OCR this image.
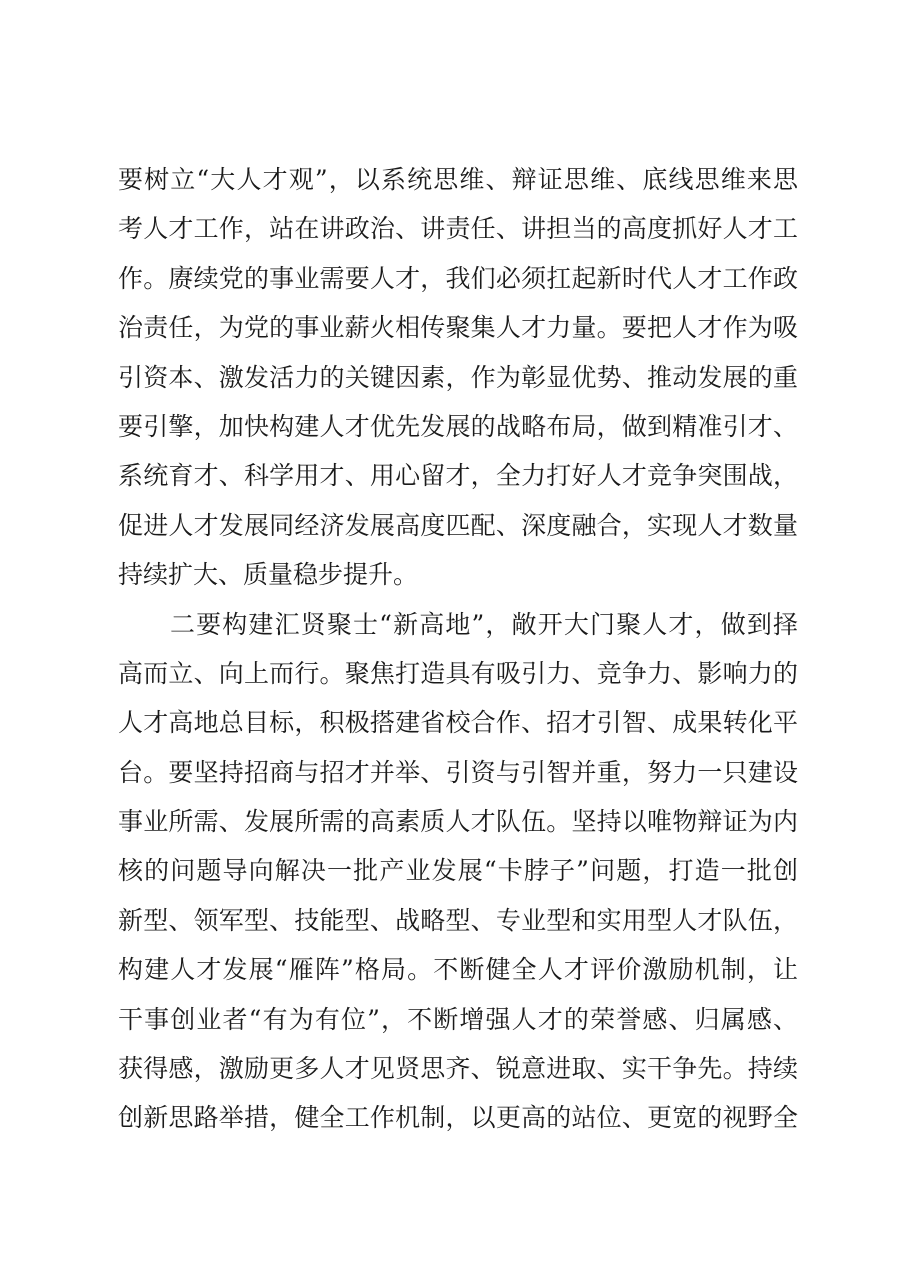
要树立“大人才观”，以系统思维、辩证思维、底线思维来思
考人才工作，站在讲政治、讲责任、讲担当的高度抓好人才工
作。赓续党的事业需要人才，我们必须扛起新时代人才工作政
治责任，为党的事业薪火相传聚集人才力量。要把人才作为吸
引资本、激发活力的关键因素，作为彰显优势、推动发展的重
要引擎，加快构建人才优先发展的战略布局，做到精准引才、
系统育才、科学用才、用心留才，全力打好人才竞争突围战，
促进人才发展同经济发展高度匹配、深度融合，实现人才数量
持续扩大、质量稳步提升。
二要构建汇贤聚士“新高地”，敞开大门聚人才，做到择
高而立、向上而行。聚焦打造具有吸引力、竞争力、影响力的
人才高地总目标，积极搭建省校合作、招才引智、成果转化平
台。要坚持招商与招才并举、引资与引智并重，努力一只建设
事业所需、发展所需的高素质人才队伍。坚持以唯物辩证为内
核的问题导向解决一批产业发展“卡脖子”问题，打造一批创
新型、领军型、技能型、战略型、专业型和实用型人才队伍，
构建人才发展“雁阵”格局。不断健全人才评价激励机制，让
干事创业者“有为有位”，不断增强人才的荣誉感、归属感、
获得感，激励更多人才见贤思齐、锐意进取、实干争先。持续
创新思路举措，健全工作机制，以更高的站位、更宽的视野全
